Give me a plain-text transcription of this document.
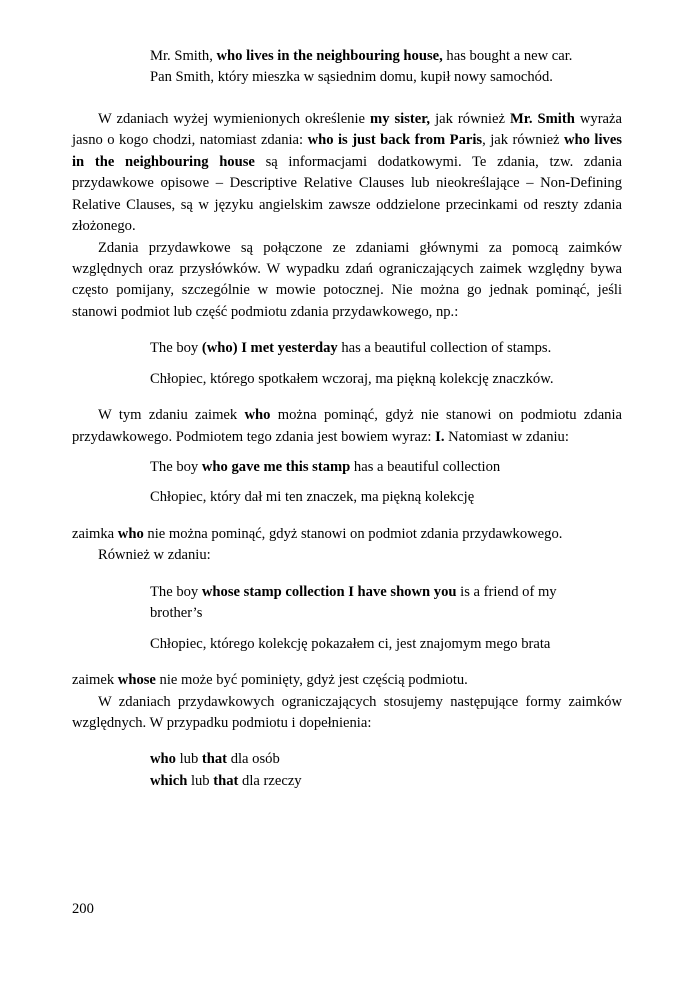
Mr. Smith, who lives in the neighbouring house, has bought a new car.
Pan Smith, który mieszka w sąsiednim domu, kupił nowy samochód.

W zdaniach wyżej wymienionych określenie my sister, jak również Mr. Smith wyraża jasno o kogo chodzi, natomiast zdania: who is just back from Paris, jak również who lives in the neighbouring house są informacjami dodatkowymi. Te zdania, tzw. zdania przydawkowe opisowe – Descriptive Relative Clauses lub nieokreślające – Non-Defining Relative Clauses, są w języku angielskim zawsze oddzielone przecinkami od reszty zdania złożonego.

Zdania przydawkowe są połączone ze zdaniami głównymi za pomocą zaimków względnych oraz przysłówków. W wypadku zdań ograniczających zaimek względny bywa często pomijany, szczególnie w mowie potocznej. Nie można go jednak pominąć, jeśli stanowi podmiot lub część podmiotu zdania przydawkowego, np.:

The boy (who) I met yesterday has a beautiful collection of stamps.
Chłopiec, którego spotkałem wczoraj, ma piękną kolekcję znaczków.

W tym zdaniu zaimek who można pominąć, gdyż nie stanowi on podmiotu zdania przydawkowego. Podmiotem tego zdania jest bowiem wyraz: I. Natomiast w zdaniu:

The boy who gave me this stamp has a beautiful collection
Chłopiec, który dał mi ten znaczek, ma piękną kolekcję

zaimka who nie można pominąć, gdyż stanowi on podmiot zdania przydawkowego.

Również w zdaniu:

The boy whose stamp collection I have shown you is a friend of my brother’s
Chłopiec, którego kolekcję pokazałem ci, jest znajomym mego brata

zaimek whose nie może być pominięty, gdyż jest częścią podmiotu.

W zdaniach przydawkowych ograniczających stosujemy następujące formy zaimków względnych. W przypadku podmiotu i dopełnienia:

who lub that dla osób
which lub that dla rzeczy
200
